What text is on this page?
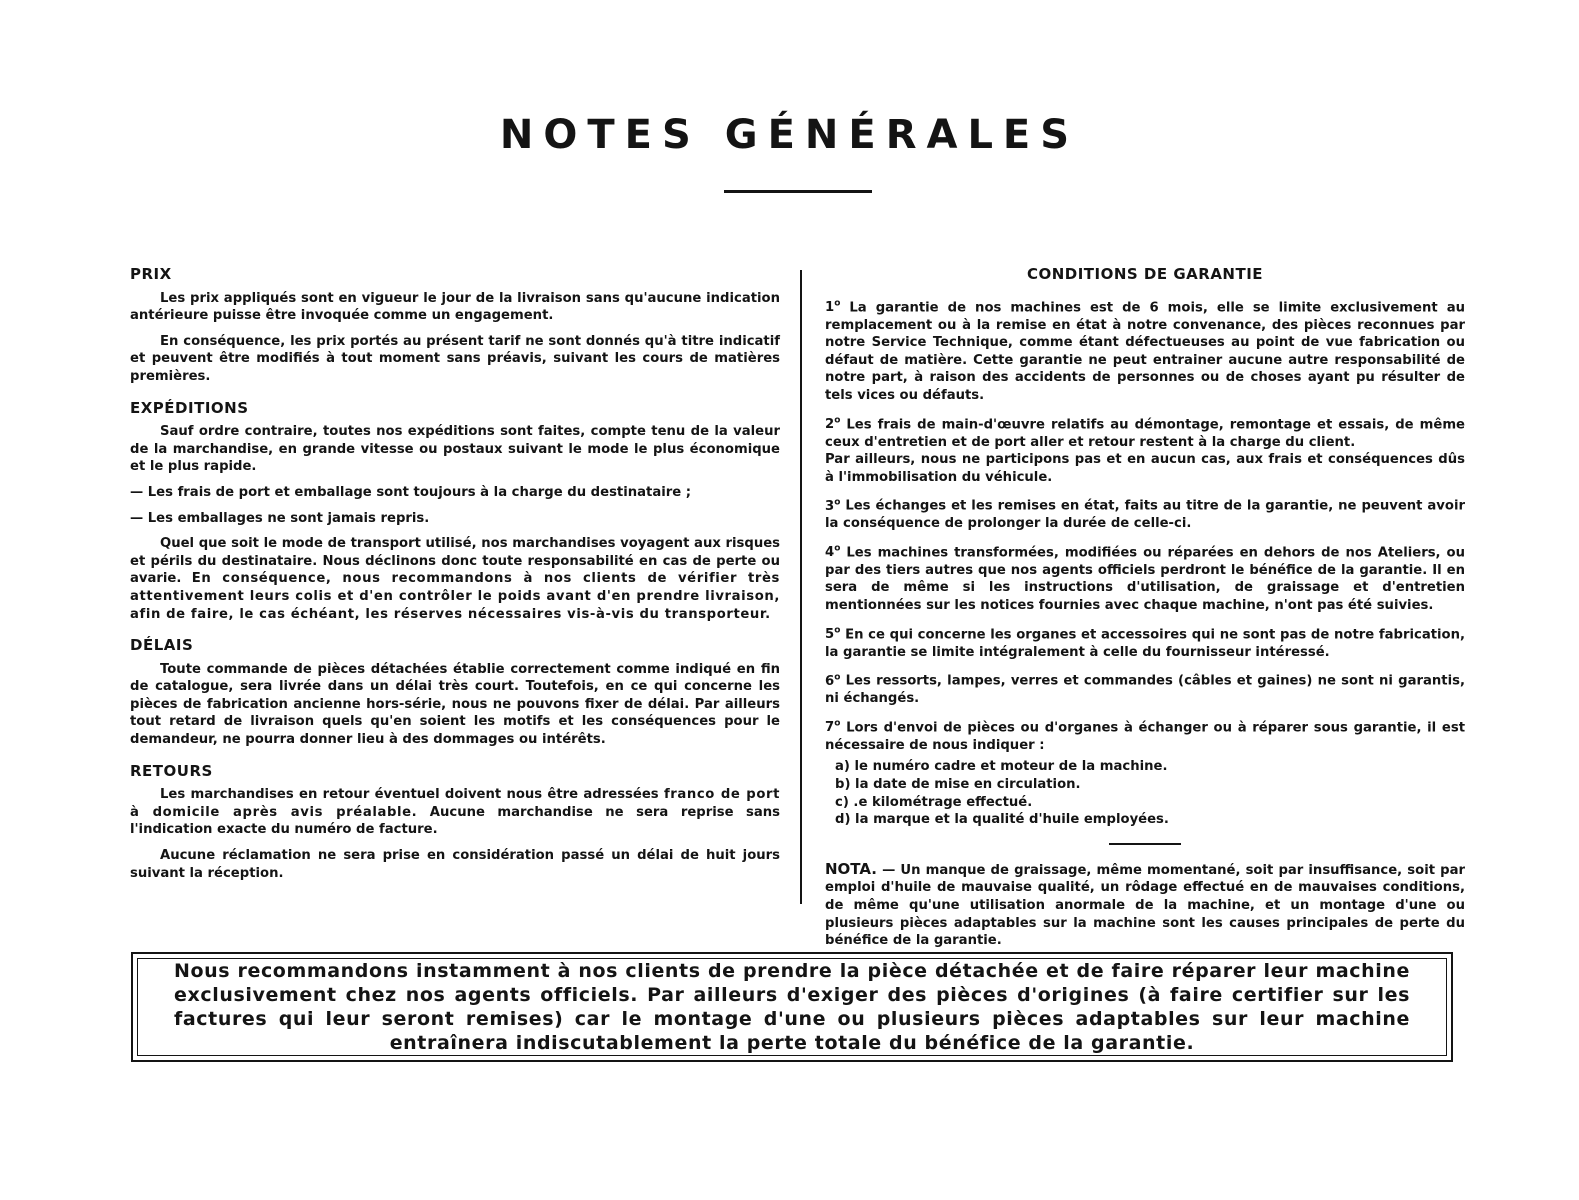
NOTES GÉNÉRALES
PRIX

Les prix appliqués sont en vigueur le jour de la livraison sans qu'aucune indication antérieure puisse être invoquée comme un engagement.

En conséquence, les prix portés au présent tarif ne sont donnés qu'à titre indicatif et peuvent être modifiés à tout moment sans préavis, suivant les cours de matières premières.

EXPÉDITIONS

Sauf ordre contraire, toutes nos expéditions sont faites, compte tenu de la valeur de la marchandise, en grande vitesse ou postaux suivant le mode le plus économique et le plus rapide.

— Les frais de port et emballage sont toujours à la charge du destinataire ;

— Les emballages ne sont jamais repris.

Quel que soit le mode de transport utilisé, nos marchandises voyagent aux risques et périls du destinataire. Nous déclinons donc toute responsabilité en cas de perte ou avarie. En conséquence, nous recommandons à nos clients de vérifier très attentivement leurs colis et d'en contrôler le poids avant d'en prendre livraison, afin de faire, le cas échéant, les réserves nécessaires vis-à-vis du transporteur.

DÉLAIS

Toute commande de pièces détachées établie correctement comme indiqué en fin de catalogue, sera livrée dans un délai très court. Toutefois, en ce qui concerne les pièces de fabrication ancienne hors-série, nous ne pouvons fixer de délai. Par ailleurs tout retard de livraison quels qu'en soient les motifs et les conséquences pour le demandeur, ne pourra donner lieu à des dommages ou intérêts.

RETOURS

Les marchandises en retour éventuel doivent nous être adressées franco de port à domicile après avis préalable. Aucune marchandise ne sera reprise sans l'indication exacte du numéro de facture.

Aucune réclamation ne sera prise en considération passé un délai de huit jours suivant la réception.

CONDITIONS DE GARANTIE

1$^o$ La garantie de nos machines est de 6 mois, elle se limite exclusivement au remplacement ou à la remise en état à notre convenance, des pièces reconnues par notre Service Technique, comme étant défectueuses au point de vue fabrication ou défaut de matière. Cette garantie ne peut entrainer aucune autre responsabilité de notre part, à raison des accidents de personnes ou de choses ayant pu résulter de tels vices ou défauts.

2$^o$ Les frais de main-d'œuvre relatifs au démontage, remontage et essais, de même ceux d'entretien et de port aller et retour restent à la charge du client.
Par ailleurs, nous ne participons pas et en aucun cas, aux frais et conséquences dûs à l'immobilisation du véhicule.

3$^o$ Les échanges et les remises en état, faits au titre de la garantie, ne peuvent avoir la conséquence de prolonger la durée de celle-ci.

4$^o$ Les machines transformées, modifiées ou réparées en dehors de nos Ateliers, ou par des tiers autres que nos agents officiels perdront le bénéfice de la garantie. Il en sera de même si les instructions d'utilisation, de graissage et d'entretien mentionnées sur les notices fournies avec chaque machine, n'ont pas été suivies.

5$^o$ En ce qui concerne les organes et accessoires qui ne sont pas de notre fabrication, la garantie se limite intégralement à celle du fournisseur intéressé.

6$^o$ Les ressorts, lampes, verres et commandes (câbles et gaines) ne sont ni garantis, ni échangés.

7$^o$ Lors d'envoi de pièces ou d'organes à échanger ou à réparer sous garantie, il est nécessaire de nous indiquer :

a) le numéro cadre et moteur de la machine.
b) la date de mise en circulation.
c) .e kilométrage effectué.
d) la marque et la qualité d'huile employées.

NOTA. — Un manque de graissage, même momentané, soit par insuffisance, soit par emploi d'huile de mauvaise qualité, un rôdage effectué en de mauvaises conditions, de même qu'une utilisation anormale de la machine, et un montage d'une ou plusieurs pièces adaptables sur la machine sont les causes principales de perte du bénéfice de la garantie.

Nous recommandons instamment à nos clients de prendre la pièce détachée et de faire réparer leur machine exclusivement chez nos agents officiels. Par ailleurs d'exiger des pièces d'origines (à faire certifier sur les factures qui leur seront remises) car le montage d'une ou plusieurs pièces adaptables sur leur machine entraînera indiscutablement la perte totale du bénéfice de la garantie.
